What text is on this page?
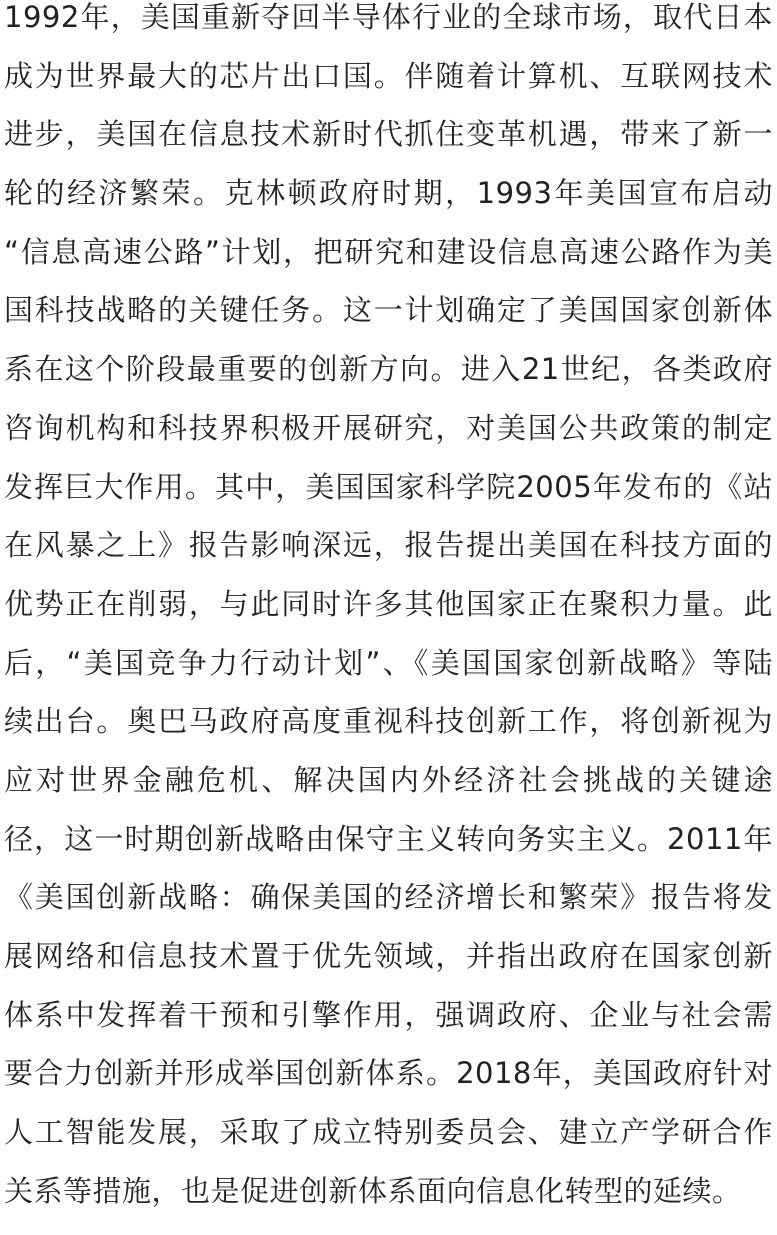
1992年，美国重新夺回半导体行业的全球市场，取代日本
成为世界最大的芯片出口国。伴随着计算机、互联网技术
进步，美国在信息技术新时代抓住变革机遇，带来了新一
轮的经济繁荣。克林顿政府时期，1993年美国宣布启动
“信息高速公路”计划，把研究和建设信息高速公路作为美
国科技战略的关键任务。这一计划确定了美国国家创新体
系在这个阶段最重要的创新方向。进入21世纪，各类政府
咨询机构和科技界积极开展研究，对美国公共政策的制定
发挥巨大作用。其中，美国国家科学院2005年发布的《站
在风暴之上》报告影响深远，报告提出美国在科技方面的
优势正在削弱，与此同时许多其他国家正在聚积力量。此
后，“美国竞争力行动计划”、《美国国家创新战略》等陆
续出台。奥巴马政府高度重视科技创新工作，将创新视为
应对世界金融危机、解决国内外经济社会挑战的关键途
径，这一时期创新战略由保守主义转向务实主义。2011年
《美国创新战略：确保美国的经济增长和繁荣》报告将发
展网络和信息技术置于优先领域，并指出政府在国家创新
体系中发挥着干预和引擎作用，强调政府、企业与社会需
要合力创新并形成举国创新体系。2018年，美国政府针对
人工智能发展，采取了成立特别委员会、建立产学研合作
关系等措施，也是促进创新体系面向信息化转型的延续。
